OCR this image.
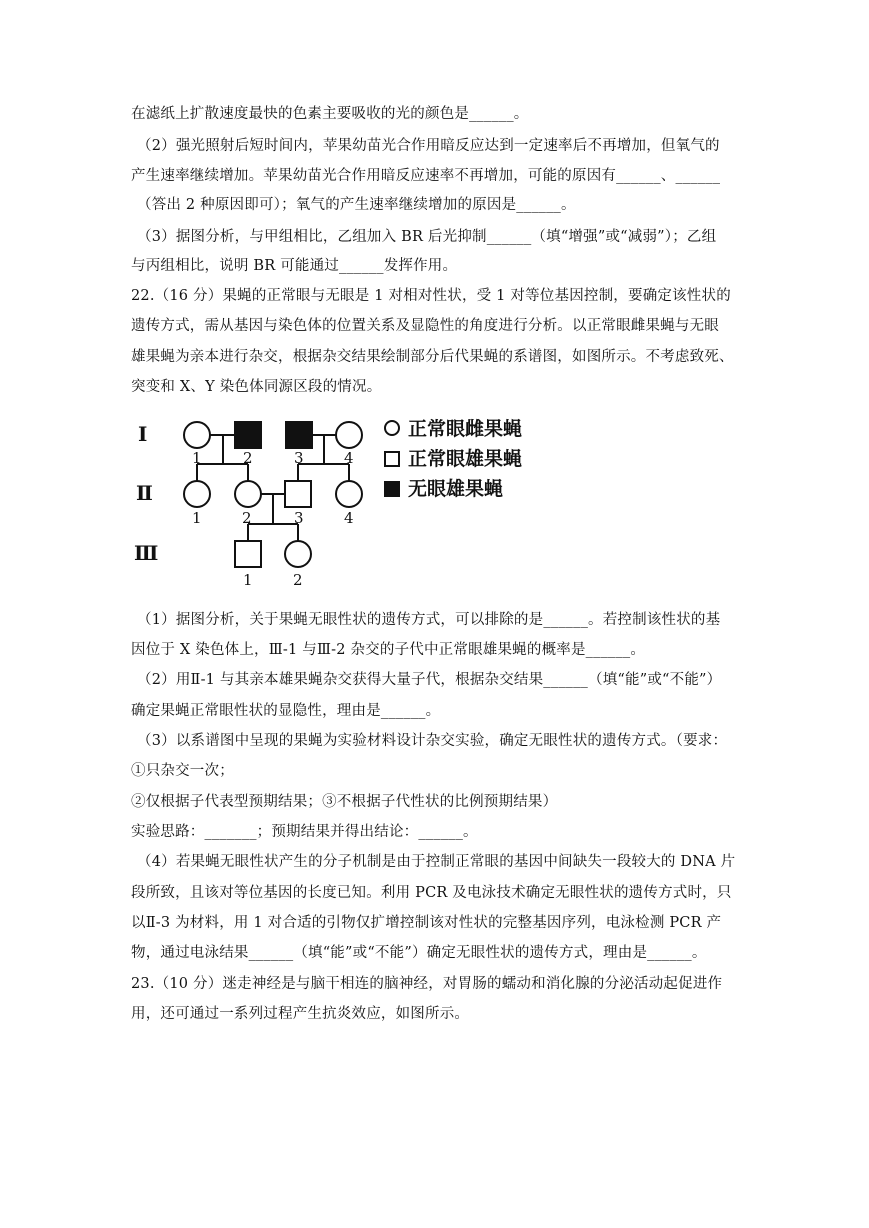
在滤纸上扩散速度最快的色素主要吸收的光的颜色是______。
（2）强光照射后短时间内，苹果幼苗光合作用暗反应达到一定速率后不再增加，但氧气的
产生速率继续增加。苹果幼苗光合作用暗反应速率不再增加，可能的原因有______、______
（答出 2 种原因即可）；氧气的产生速率继续增加的原因是______。
（3）据图分析，与甲组相比，乙组加入 BR 后光抑制______（填“增强”或“减弱”）；乙组
与丙组相比，说明 BR 可能通过______发挥作用。
22.（16 分）果蝇的正常眼与无眼是 1 对相对性状，受 1 对等位基因控制，要确定该性状的
遗传方式，需从基因与染色体的位置关系及显隐性的角度进行分析。以正常眼雌果蝇与无眼
雄果蝇为亲本进行杂交，根据杂交结果绘制部分后代果蝇的系谱图，如图所示。不考虑致死、
突变和 X、Y 染色体同源区段的情况。
Ⅰ
Ⅱ
Ⅲ
1	2	3	4
1	2	3	4
1	2
正常眼雌果蝇
正常眼雄果蝇
无眼雄果蝇
（1）据图分析，关于果蝇无眼性状的遗传方式，可以排除的是______。若控制该性状的基
因位于 X 染色体上，Ⅲ-1 与Ⅲ-2 杂交的子代中正常眼雄果蝇的概率是______。
（2）用Ⅱ-1 与其亲本雄果蝇杂交获得大量子代，根据杂交结果______（填“能”或“不能”）
确定果蝇正常眼性状的显隐性，理由是______。
（3）以系谱图中呈现的果蝇为实验材料设计杂交实验，确定无眼性状的遗传方式。（要求：
①只杂交一次；
②仅根据子代表型预期结果；③不根据子代性状的比例预期结果）
实验思路：_______；预期结果并得出结论：______。
（4）若果蝇无眼性状产生的分子机制是由于控制正常眼的基因中间缺失一段较大的 DNA 片
段所致，且该对等位基因的长度已知。利用 PCR 及电泳技术确定无眼性状的遗传方式时，只
以Ⅱ-3 为材料，用 1 对合适的引物仅扩增控制该对性状的完整基因序列，电泳检测 PCR 产
物，通过电泳结果______（填“能”或“不能”）确定无眼性状的遗传方式，理由是______。
23.（10 分）迷走神经是与脑干相连的脑神经，对胃肠的蠕动和消化腺的分泌活动起促进作
用，还可通过一系列过程产生抗炎效应，如图所示。
